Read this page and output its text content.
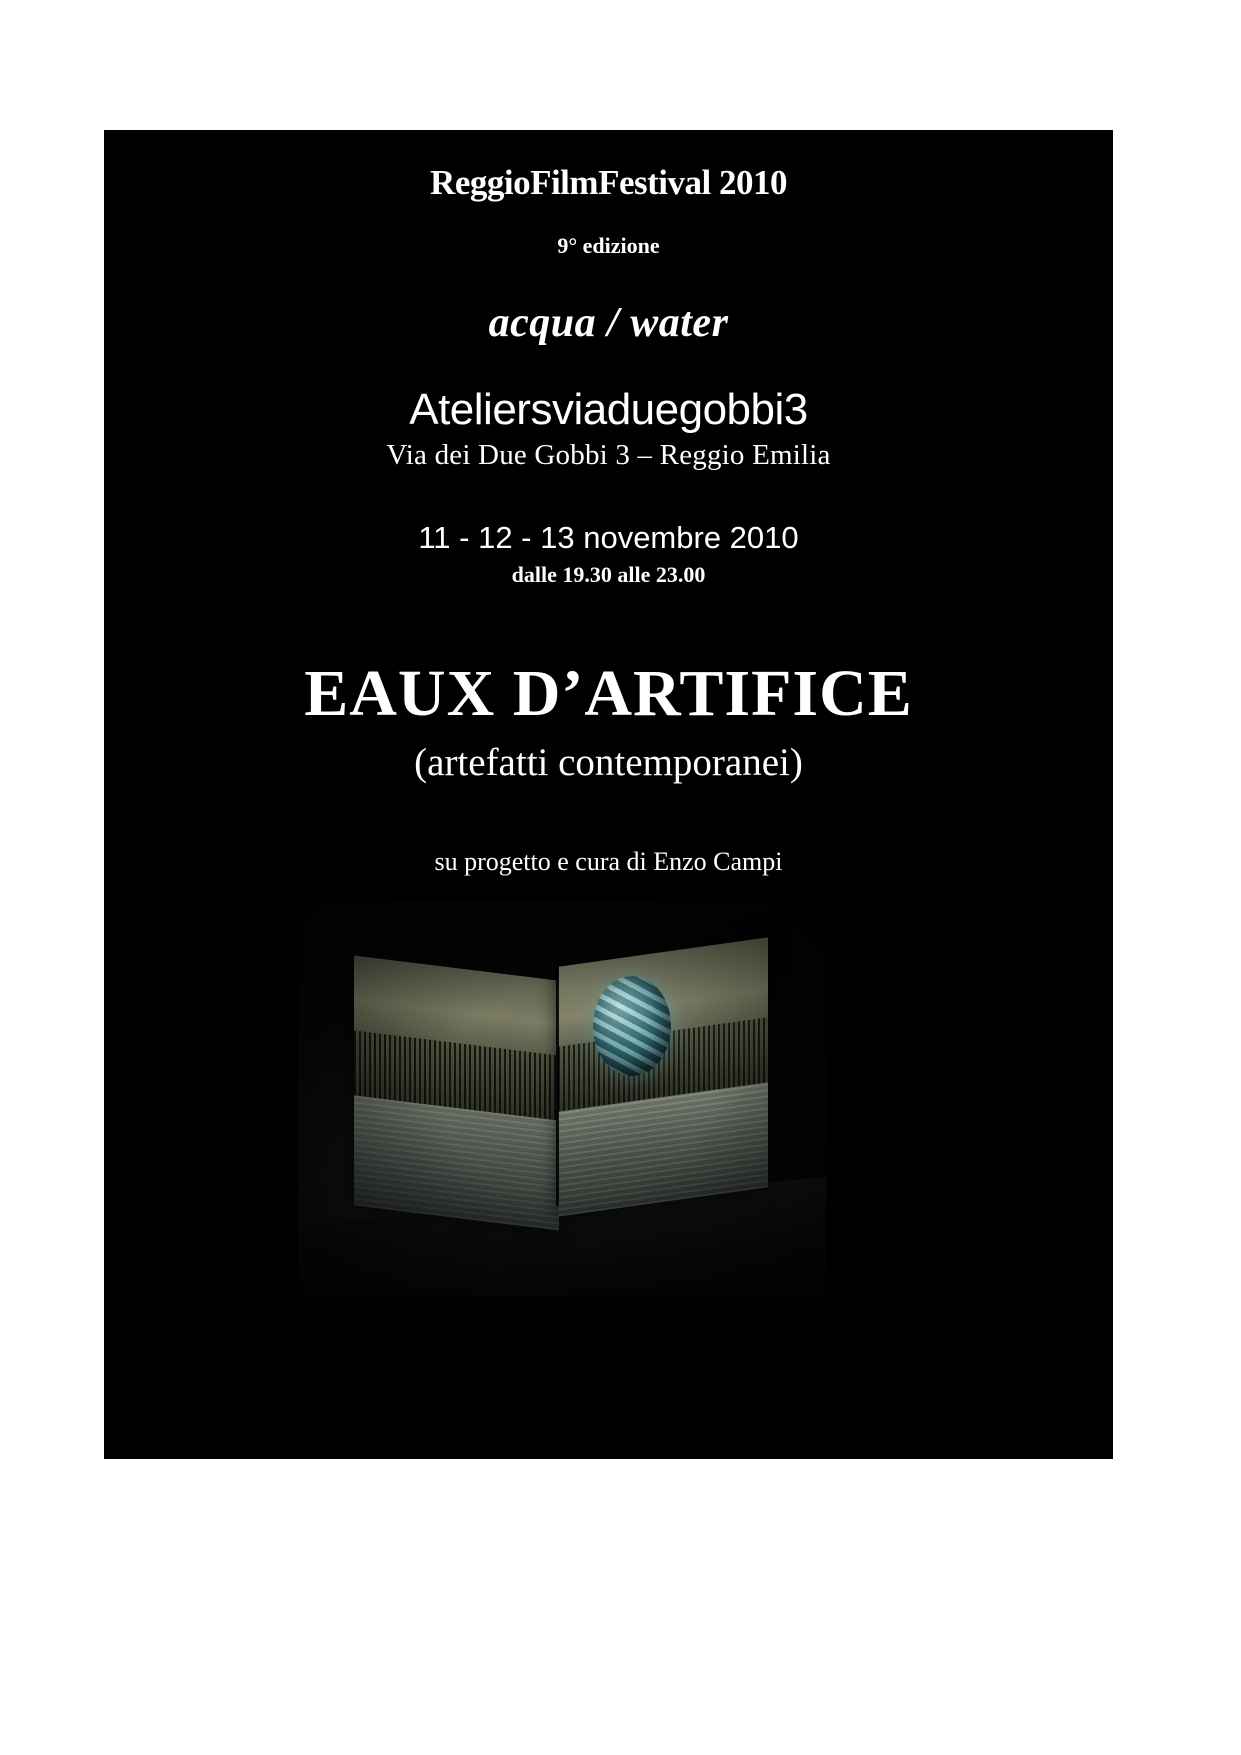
ReggioFilmFestival 2010
9° edizione
acqua / water
Ateliersviaduegobbi3
Via dei Due Gobbi 3 – Reggio Emilia
11 - 12 - 13 novembre 2010
dalle 19.30 alle 23.00
EAUX D’ARTIFICE
(artefatti contemporanei)
su progetto e cura di Enzo Campi
